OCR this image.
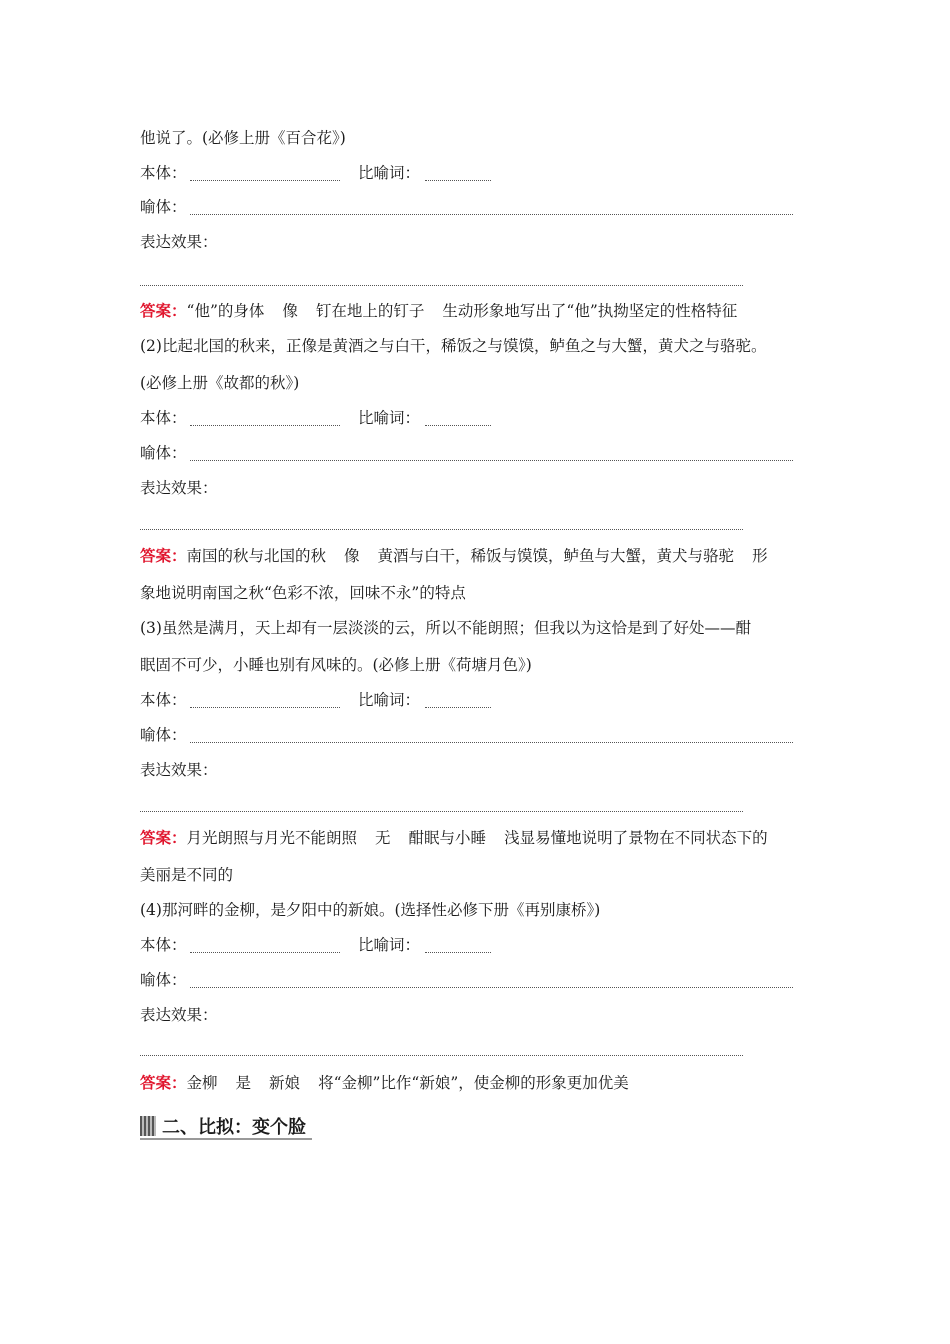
他说了。(必修上册《百合花》)
本体：	比喻词：
喻体：
表达效果：
答案：“他”的身体 像 钉在地上的钉子 生动形象地写出了“他”执拗坚定的性格特征
(2)比起北国的秋来，正像是黄酒之与白干，稀饭之与馍馍，鲈鱼之与大蟹，黄犬之与骆驼。
(必修上册《故都的秋》)
本体：	比喻词：
喻体：
表达效果：
答案：南国的秋与北国的秋 像 黄酒与白干，稀饭与馍馍，鲈鱼与大蟹，黄犬与骆驼 形
象地说明南国之秋“色彩不浓，回味不永”的特点
(3)虽然是满月，天上却有一层淡淡的云，所以不能朗照；但我以为这恰是到了好处——酣
眠固不可少，小睡也别有风味的。(必修上册《荷塘月色》)
本体：	比喻词：
喻体：
表达效果：
答案：月光朗照与月光不能朗照 无 酣眠与小睡 浅显易懂地说明了景物在不同状态下的
美丽是不同的
(4)那河畔的金柳，是夕阳中的新娘。(选择性必修下册《再别康桥》)
本体：	比喻词：
喻体：
表达效果：
答案：金柳 是 新娘 将“金柳”比作“新娘”，使金柳的形象更加优美
二、比拟：变个脸
